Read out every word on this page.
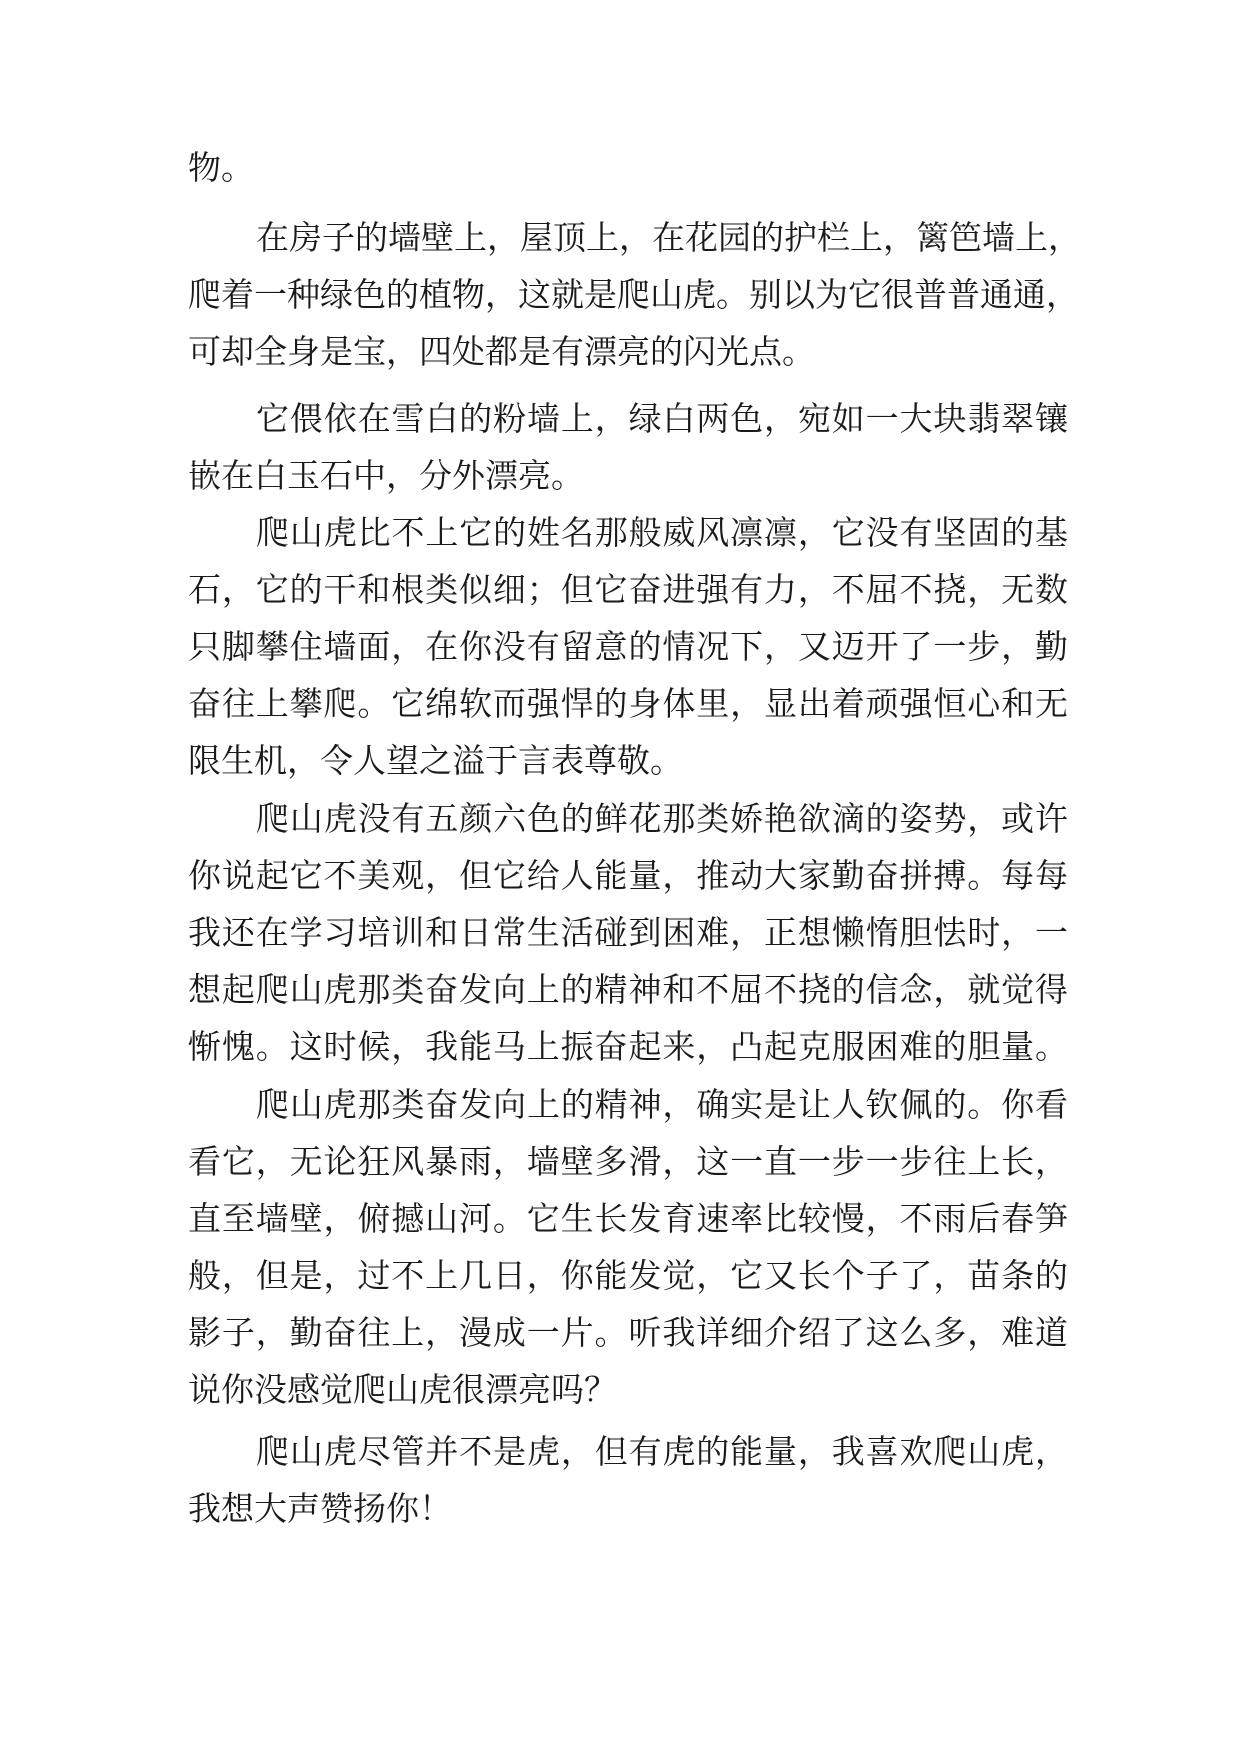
物。
在房子的墙壁上，屋顶上，在花园的护栏上，篱笆墙上，
爬着一种绿色的植物，这就是爬山虎。别以为它很普普通通，
可却全身是宝，四处都是有漂亮的闪光点。
它偎依在雪白的粉墙上，绿白两色，宛如一大块翡翠镶
嵌在白玉石中，分外漂亮。
爬山虎比不上它的姓名那般威风凛凛，它没有坚固的基
石，它的干和根类似细；但它奋进强有力，不屈不挠，无数
只脚攀住墙面，在你没有留意的情况下，又迈开了一步，勤
奋往上攀爬。它绵软而强悍的身体里，显出着顽强恒心和无
限生机，令人望之溢于言表尊敬。
爬山虎没有五颜六色的鲜花那类娇艳欲滴的姿势，或许
你说起它不美观，但它给人能量，推动大家勤奋拼搏。每每
我还在学习培训和日常生活碰到困难，正想懒惰胆怯时，一
想起爬山虎那类奋发向上的精神和不屈不挠的信念，就觉得
惭愧。这时候，我能马上振奋起来，凸起克服困难的胆量。
爬山虎那类奋发向上的精神，确实是让人钦佩的。你看
看它，无论狂风暴雨，墙壁多滑，这一直一步一步往上长，
直至墙壁，俯撼山河。它生长发育速率比较慢，不雨后春笋
般，但是，过不上几日，你能发觉，它又长个子了，苗条的
影子，勤奋往上，漫成一片。听我详细介绍了这么多，难道
说你没感觉爬山虎很漂亮吗？
爬山虎尽管并不是虎，但有虎的能量，我喜欢爬山虎，
我想大声赞扬你！
